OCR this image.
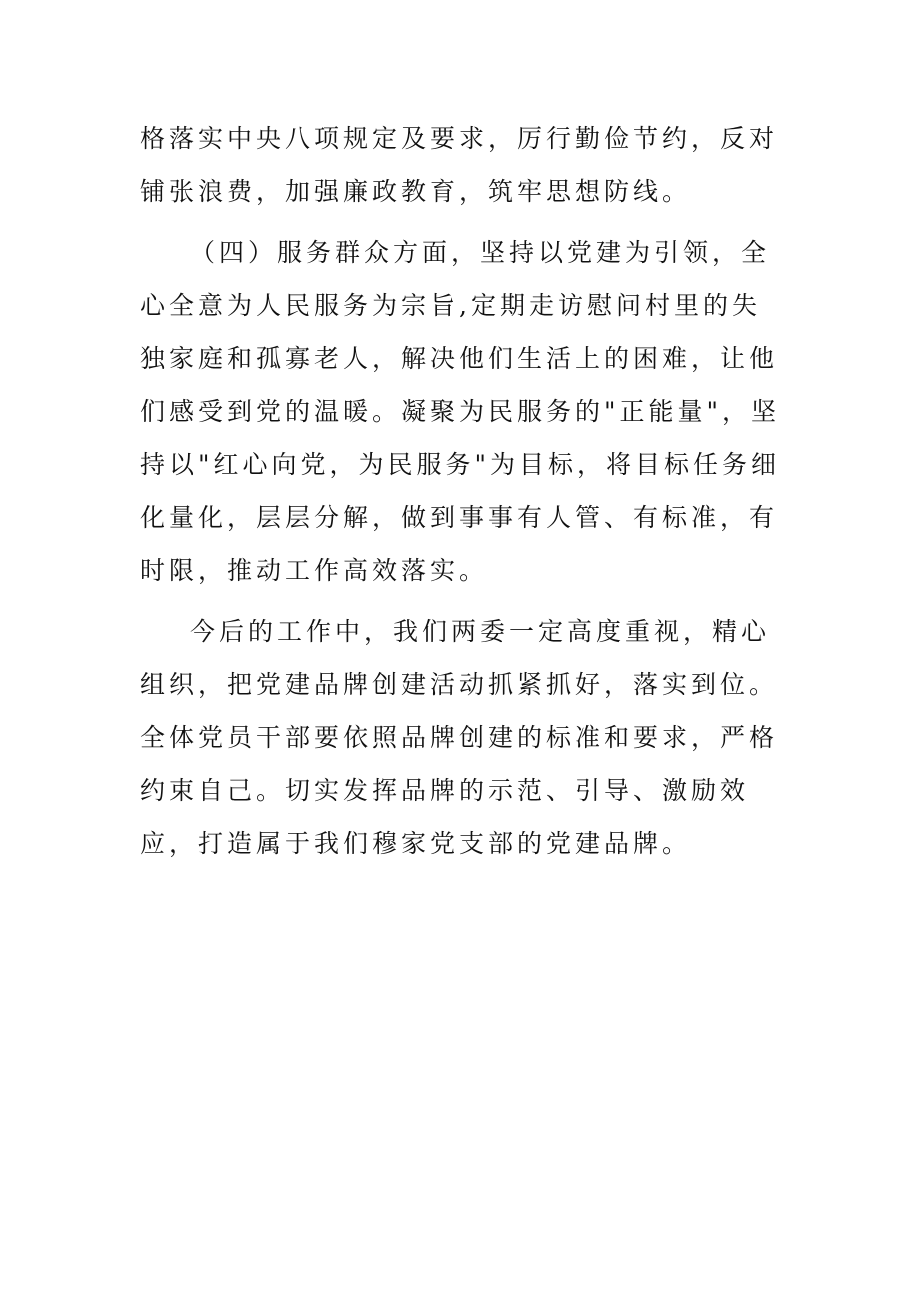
格落实中央八项规定及要求，厉行勤俭节约，反对铺张浪费，加强廉政教育，筑牢思想防线。

（四）服务群众方面，坚持以党建为引领，全心全意为人民服务为宗旨,定期走访慰问村里的失独家庭和孤寡老人，解决他们生活上的困难，让他们感受到党的温暖。凝聚为民服务的"正能量"，坚持以"红心向党，为民服务"为目标，将目标任务细化量化，层层分解，做到事事有人管、有标准，有时限，推动工作高效落实。

今后的工作中，我们两委一定高度重视，精心组织，把党建品牌创建活动抓紧抓好，落实到位。全体党员干部要依照品牌创建的标准和要求，严格约束自己。切实发挥品牌的示范、引导、激励效应，打造属于我们穆家党支部的党建品牌。
